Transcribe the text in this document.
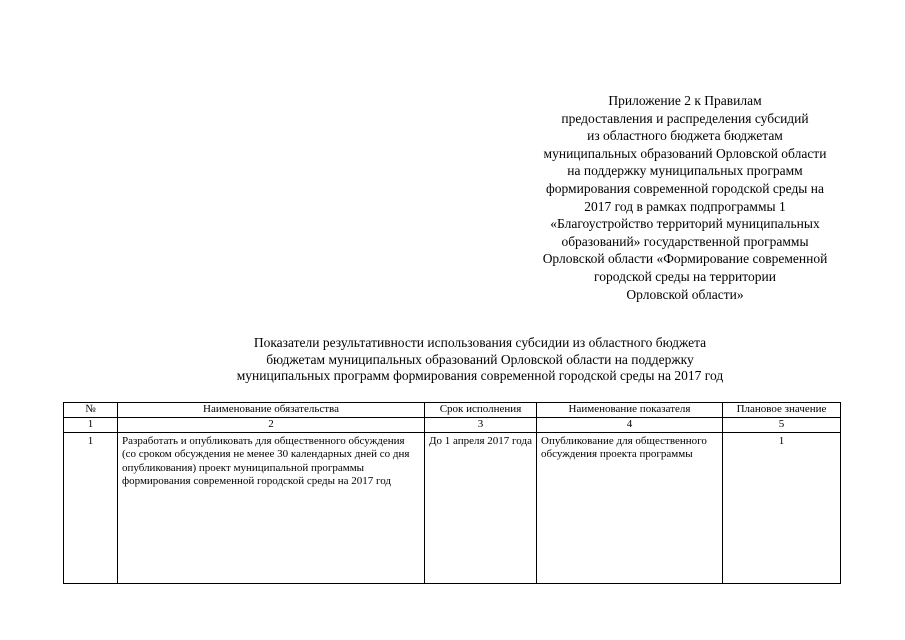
Приложение 2 к Правилам
предоставления и распределения субсидий
из областного бюджета бюджетам
муниципальных образований Орловской области
на поддержку муниципальных программ
формирования современной городской среды на
2017 год в рамках подпрограммы 1
«Благоустройство территорий муниципальных
образований» государственной программы
Орловской области «Формирование современной
городской среды на территории
Орловской области»
Показатели результативности использования субсидии из областного бюджета
бюджетам муниципальных образований Орловской области на поддержку
муниципальных программ формирования современной городской среды на 2017 год
№	Наименование обязательства	Срок исполнения	Наименование показателя	Плановое значение
1	2	3	4	5
1	Разработать и опубликовать для общественного обсуждения (со сроком обсуждения не менее 30 календарных дней со дня опубликования) проект муниципальной программы формирования современной городской среды на 2017 год	До 1 апреля 2017 года	Опубликование для общественного обсуждения проекта программы	1
